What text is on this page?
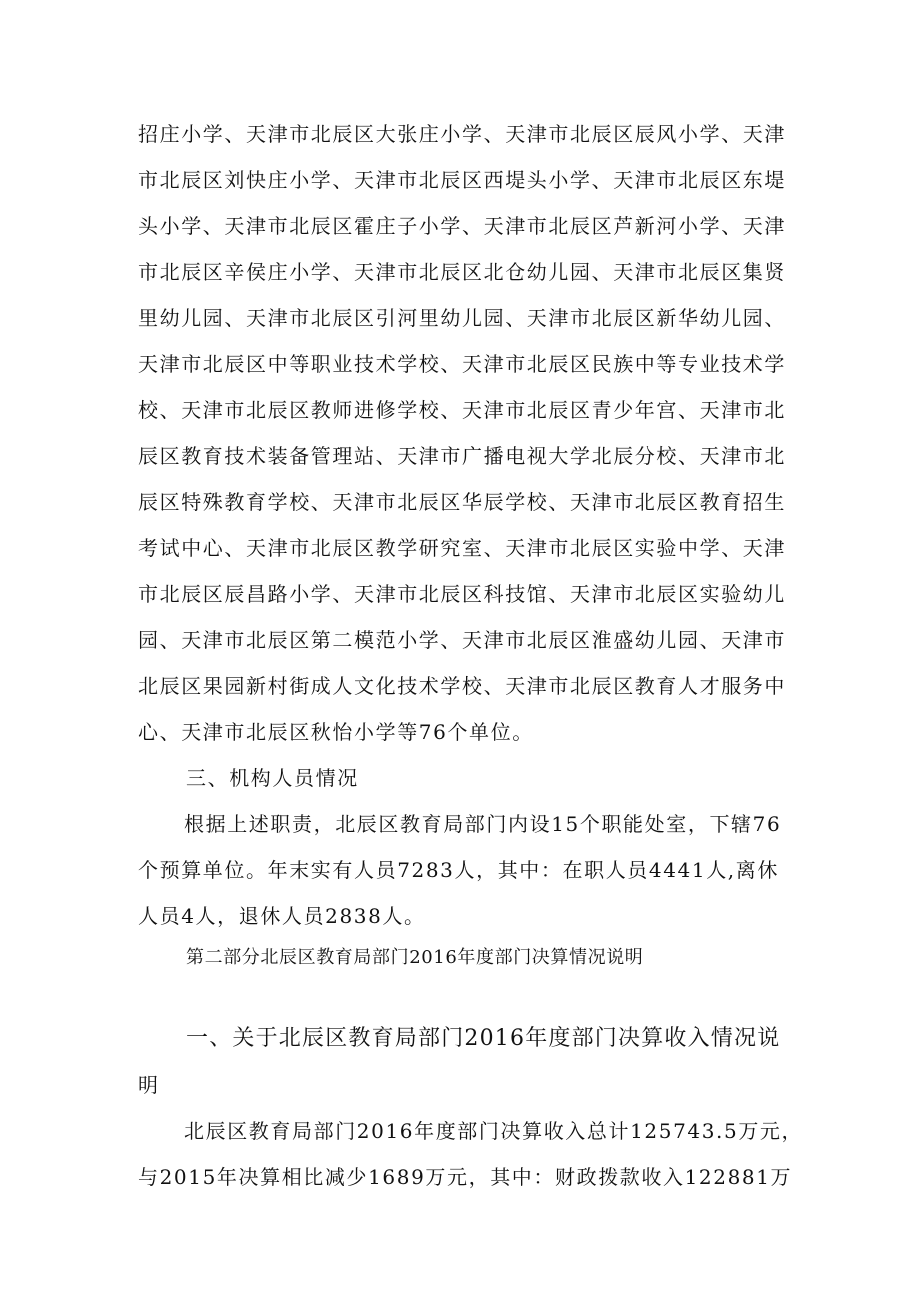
招庄小学、天津市北辰区大张庄小学、天津市北辰区辰风小学、天津
市北辰区刘快庄小学、天津市北辰区西堤头小学、天津市北辰区东堤
头小学、天津市北辰区霍庄子小学、天津市北辰区芦新河小学、天津
市北辰区辛侯庄小学、天津市北辰区北仓幼儿园、天津市北辰区集贤
里幼儿园、天津市北辰区引河里幼儿园、天津市北辰区新华幼儿园、
天津市北辰区中等职业技术学校、天津市北辰区民族中等专业技术学
校、天津市北辰区教师进修学校、天津市北辰区青少年宫、天津市北
辰区教育技术装备管理站、天津市广播电视大学北辰分校、天津市北
辰区特殊教育学校、天津市北辰区华辰学校、天津市北辰区教育招生
考试中心、天津市北辰区教学研究室、天津市北辰区实验中学、天津
市北辰区辰昌路小学、天津市北辰区科技馆、天津市北辰区实验幼儿
园、天津市北辰区第二模范小学、天津市北辰区淮盛幼儿园、天津市
北辰区果园新村街成人文化技术学校、天津市北辰区教育人才服务中
心、天津市北辰区秋怡小学等76个单位。
三、机构人员情况
根据上述职责，北辰区教育局部门内设15个职能处室，下辖76
个预算单位。年末实有人员7283人，其中：在职人员4441人,离休
人员4人，退休人员2838人。
第二部分北辰区教育局部门2016年度部门决算情况说明
一、关于北辰区教育局部门2016年度部门决算收入情况说
明
北辰区教育局部门2016年度部门决算收入总计125743.5万元，
与2015年决算相比减少1689万元，其中：财政拨款收入122881万
